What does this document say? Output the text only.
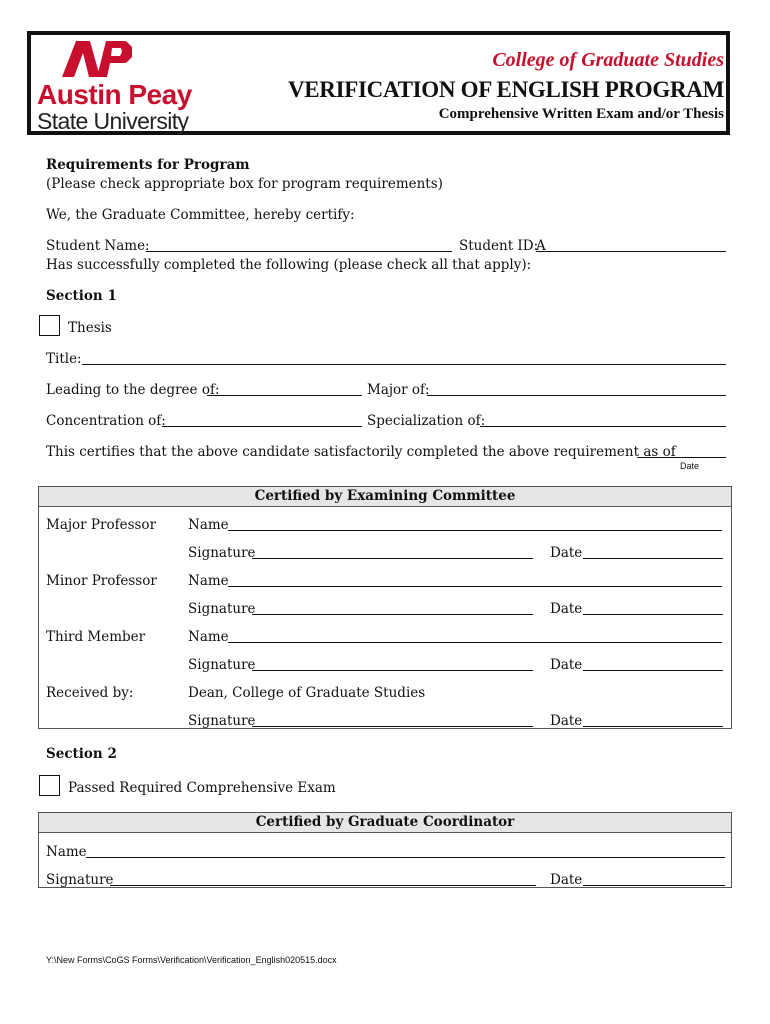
Austin Peay
State University
College of Graduate Studies
VERIFICATION OF ENGLISH PROGRAM
Comprehensive Written Exam and/or Thesis
Requirements for Program
(Please check appropriate box for program requirements)
We, the Graduate Committee, hereby certify:
Student Name:	Student ID:
A
Has successfully completed the following (please check all that apply):
Section 1
Thesis
Title:
Leading to the degree of:	Major of:
Concentration of:	Specialization of:
This certifies that the above candidate satisfactorily completed the above requirement as of
Date
Certified by Examining Committee
Major Professor Name
Signature	Date
Minor Professor Name
Signature	Date
Third Member	Name
Signature	Date
Received by:	Dean, College of Graduate Studies
Signature	Date
Section 2
Passed Required Comprehensive Exam
Certified by Graduate Coordinator
Name
Signature	Date
Y:\New Forms\CoGS Forms\Verification\Verification_English020515.docx
